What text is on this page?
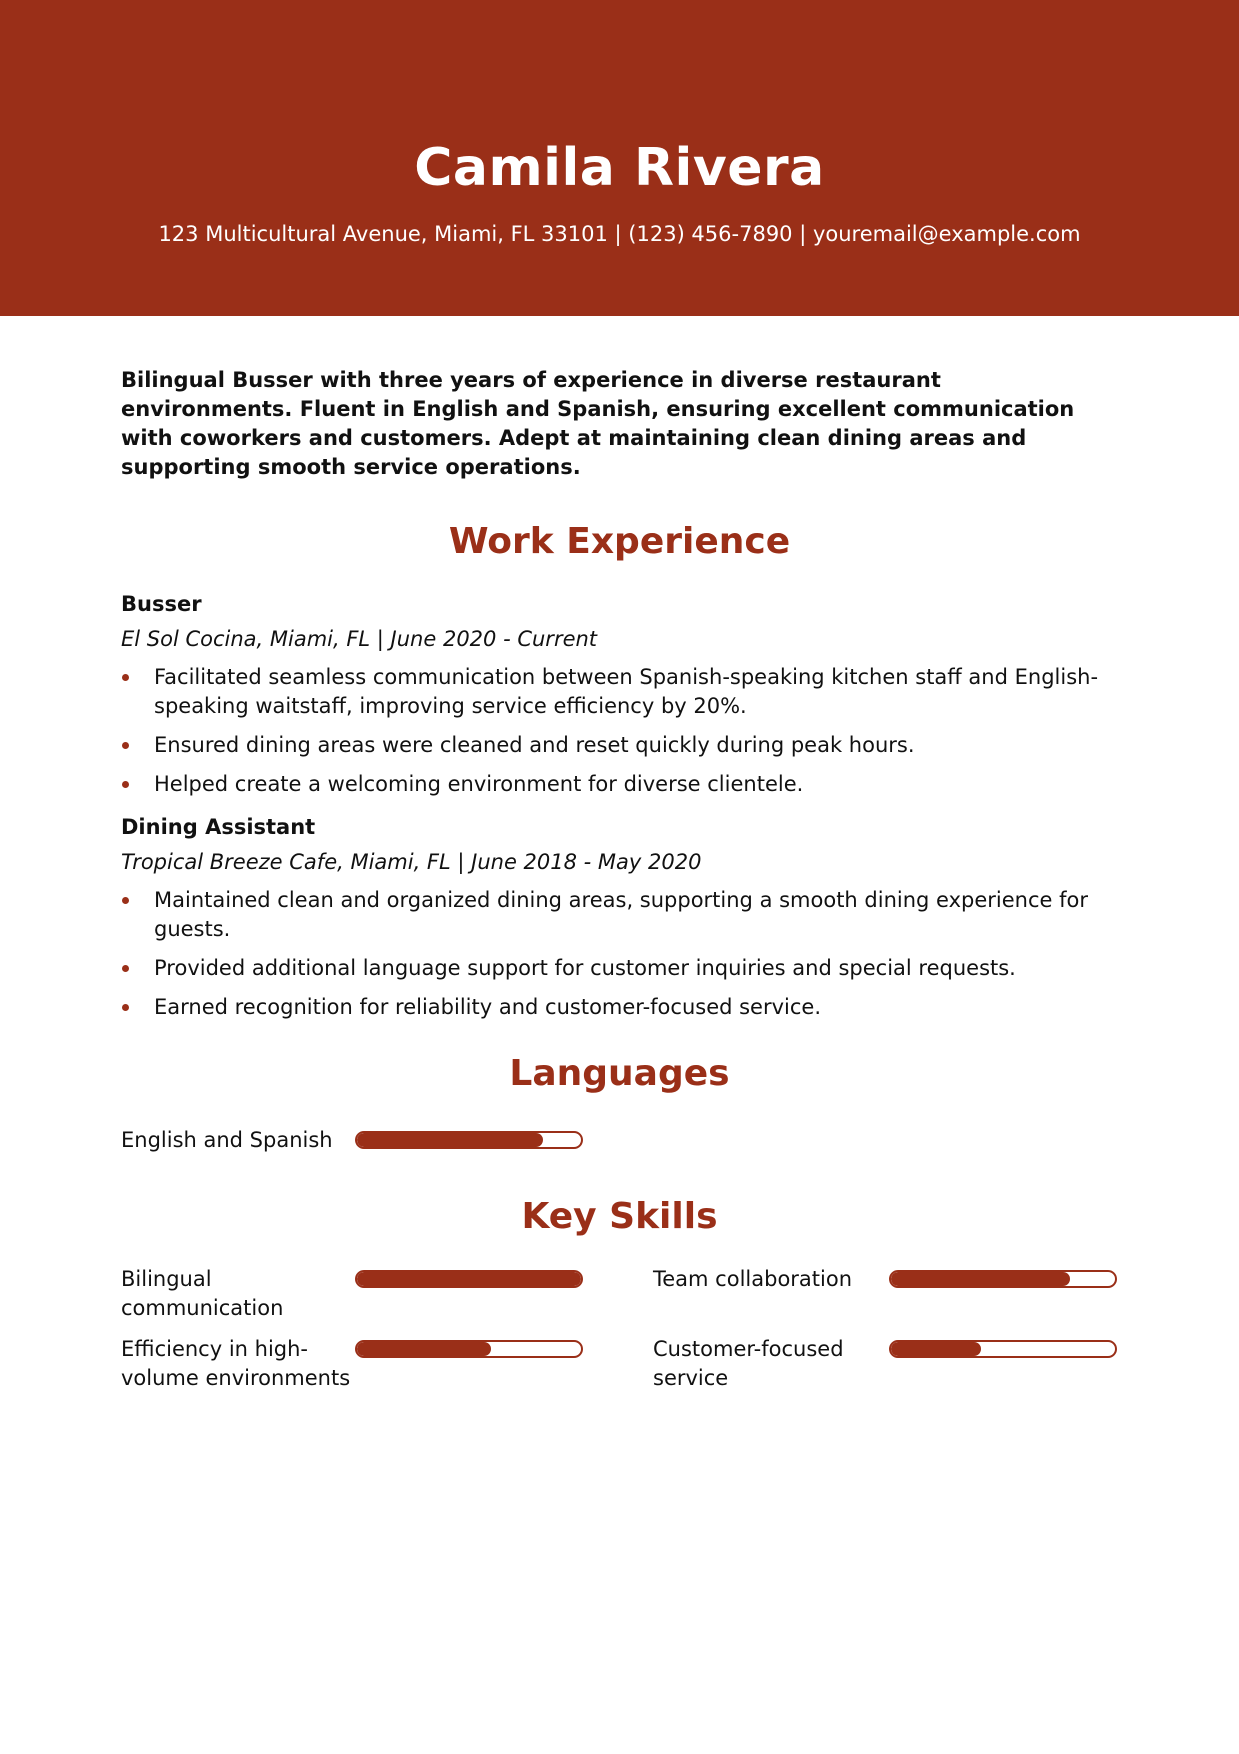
Camila Rivera
123 Multicultural Avenue, Miami, FL 33101 | (123) 456-7890 | youremail@example.com

Bilingual Busser with three years of experience in diverse restaurant environments. Fluent in English and Spanish, ensuring excellent communication with coworkers and customers. Adept at maintaining clean dining areas and supporting smooth service operations.

Work Experience
Busser
El Sol Cocina, Miami, FL | June 2020 - Current
Facilitated seamless communication between Spanish-speaking kitchen staff and English-speaking waitstaff, improving service efficiency by 20%.
Ensured dining areas were cleaned and reset quickly during peak hours.
Helped create a welcoming environment for diverse clientele.
Dining Assistant
Tropical Breeze Cafe, Miami, FL | June 2018 - May 2020
Maintained clean and organized dining areas, supporting a smooth dining experience for guests.
Provided additional language support for customer inquiries and special requests.
Earned recognition for reliability and customer-focused service.
Languages
English and Spanish
Key Skills
Bilingual communication
Team collaboration
Efficiency in high-volume environments
Customer-focused service
